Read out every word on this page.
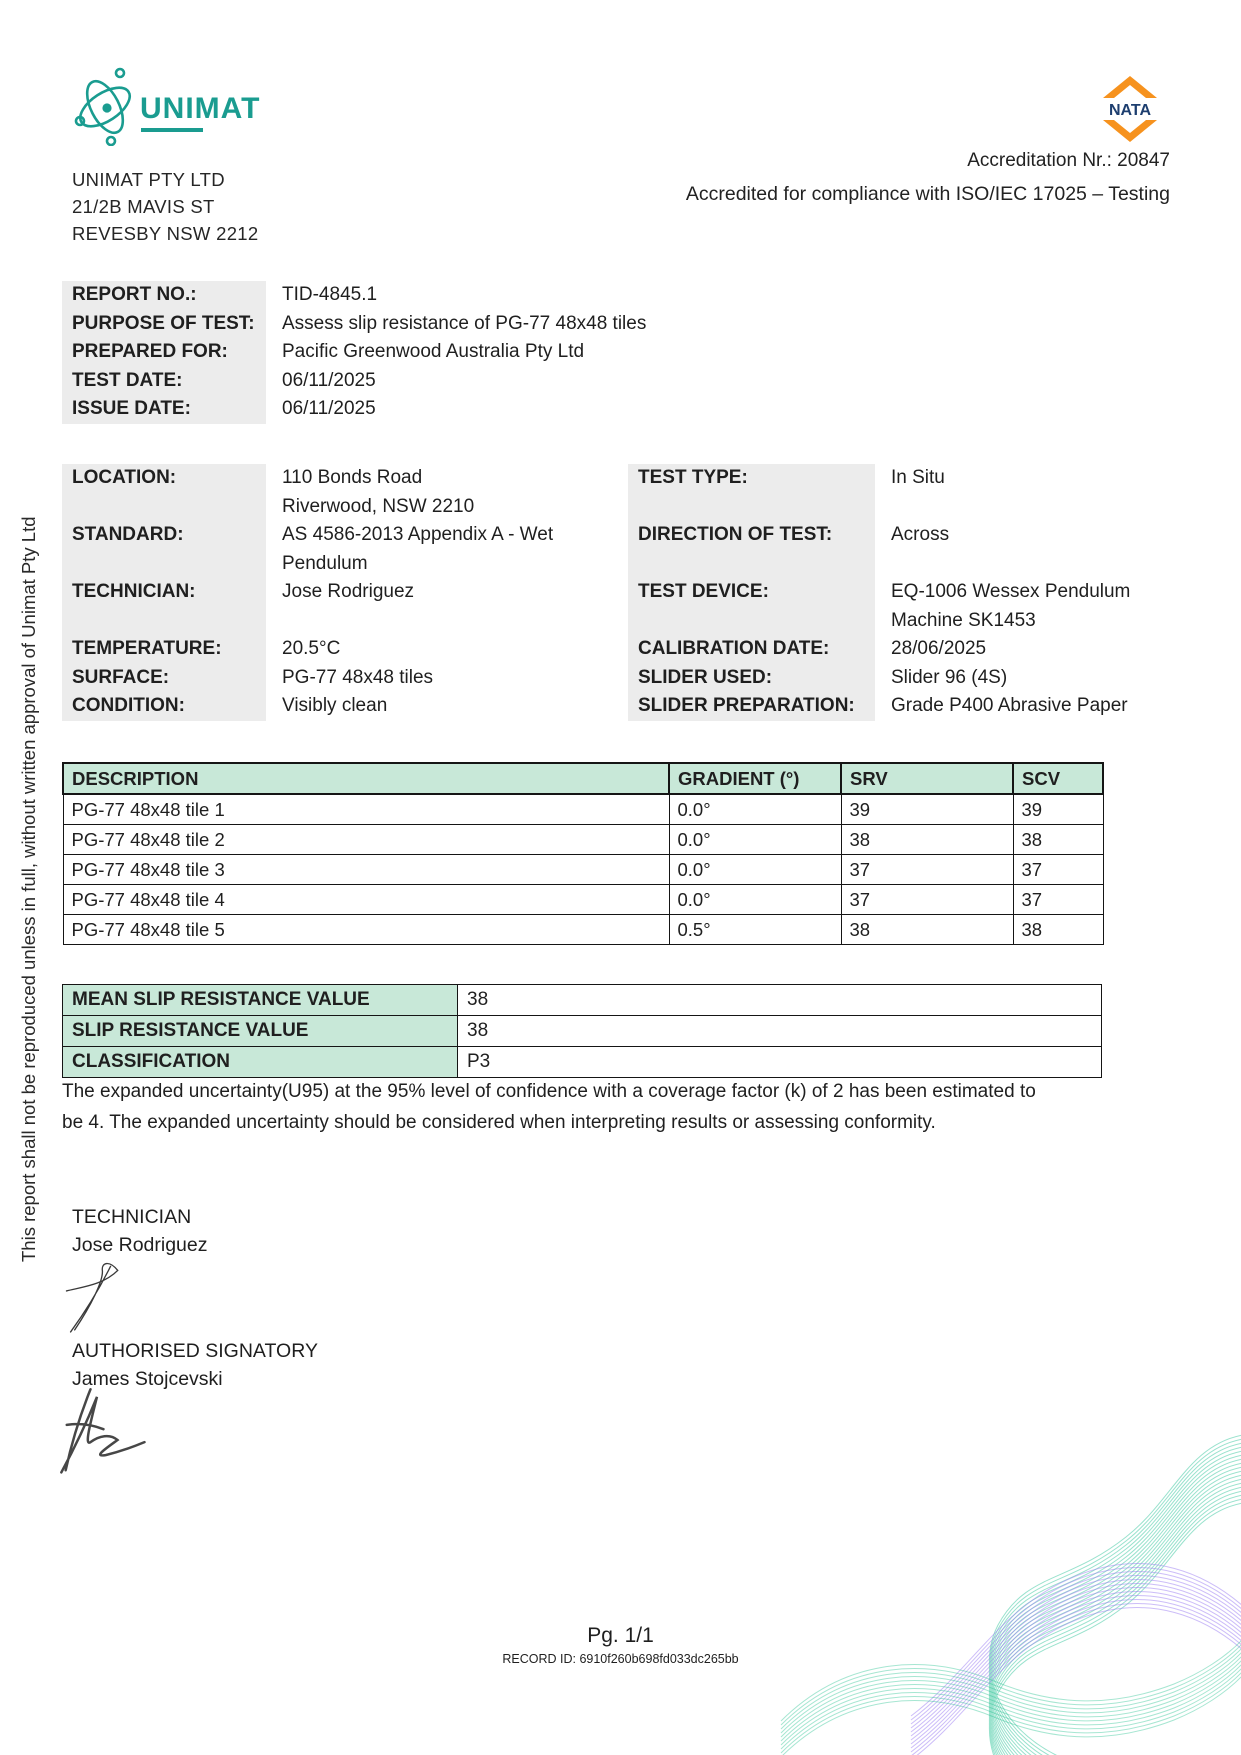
This report shall not be reproduced unless in full, without written approval of Unimat Pty Ltd
UNIMAT
UNIMAT PTY LTD
21/2B MAVIS ST
REVESBY NSW 2212
NATA
Accreditation Nr.: 20847
Accredited for compliance with ISO/IEC 17025 – Testing
REPORT NO.:	TID-4845.1
PURPOSE OF TEST:	Assess slip resistance of PG-77 48x48 tiles
PREPARED FOR:	Pacific Greenwood Australia Pty Ltd
TEST DATE:	06/11/2025
ISSUE DATE:	06/11/2025
LOCATION:	110 Bonds Road
Riverwood, NSW 2210
STANDARD:	AS 4586-2013 Appendix A - Wet
Pendulum
TECHNICIAN:	Jose Rodriguez
TEMPERATURE:	20.5°C
SURFACE:	PG-77 48x48 tiles
CONDITION:	Visibly clean
TEST TYPE:	In Situ
DIRECTION OF TEST:	Across
TEST DEVICE:	EQ-1006 Wessex Pendulum
Machine SK1453
CALIBRATION DATE:	28/06/2025
SLIDER USED:	Slider 96 (4S)
SLIDER PREPARATION:	Grade P400 Abrasive Paper
DESCRIPTION	GRADIENT (°)	SRV	SCV
PG-77 48x48 tile 1	0.0°	39	39
PG-77 48x48 tile 2	0.0°	38	38
PG-77 48x48 tile 3	0.0°	37	37
PG-77 48x48 tile 4	0.0°	37	37
PG-77 48x48 tile 5	0.5°	38	38
MEAN SLIP RESISTANCE VALUE	38
SLIP RESISTANCE VALUE	38
CLASSIFICATION	P3
The expanded uncertainty(U95) at the 95% level of confidence with a coverage factor (k) of 2 has been estimated to
be 4. The expanded uncertainty should be considered when interpreting results or assessing conformity.
TECHNICIAN
Jose Rodriguez
AUTHORISED SIGNATORY
James Stojcevski
Pg. 1/1
RECORD ID: 6910f260b698fd033dc265bb
